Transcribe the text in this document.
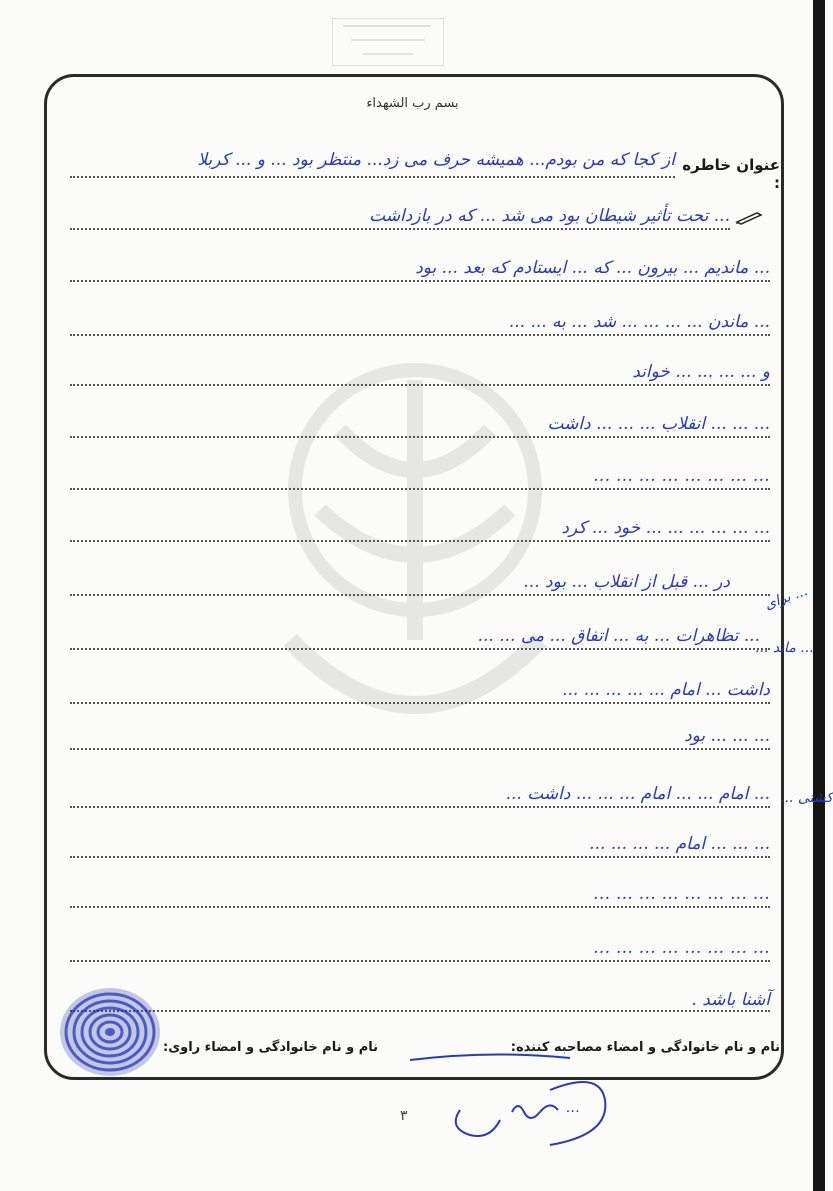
بسم رب الشهداء
عنوان خاطره :
از کجا که من بودم... همیشه حرف می زد... منتظر بود ... و ... کربلا
... تحت تأثیر شیطان بود می شد ... که در بازداشت
... ماندیم ... بیرون ... که ... ایستادم که بعد ... بود
... ماندن ... ... ... ... شد ... به ... ...
و ... ... ... ... خواند
... ... ... انقلاب ... ... ... داشت
... ... ... ... ... ... ... ...
... ... ... ... ... ... خود ... کرد
در ... قبل از انقلاب ... بود ...
... تظاهرات ... به ... اتفاق ... می ... ...
داشت ... امام ... ... ... ... ...
... ... ... بود
... امام ... ... امام ... ... ... داشت ...
... ... ... امام ... ... ... ...
... ... ... ... ... ... ... ...
... ... ... ... ... ... ... ...
آشنا باشد .
برای ...
... ماند ...
... کشتی
نام و نام خانوادگی و امضاء مصاحبه کننده:
نام و نام خانوادگی و امضاء راوی:
...
٣
